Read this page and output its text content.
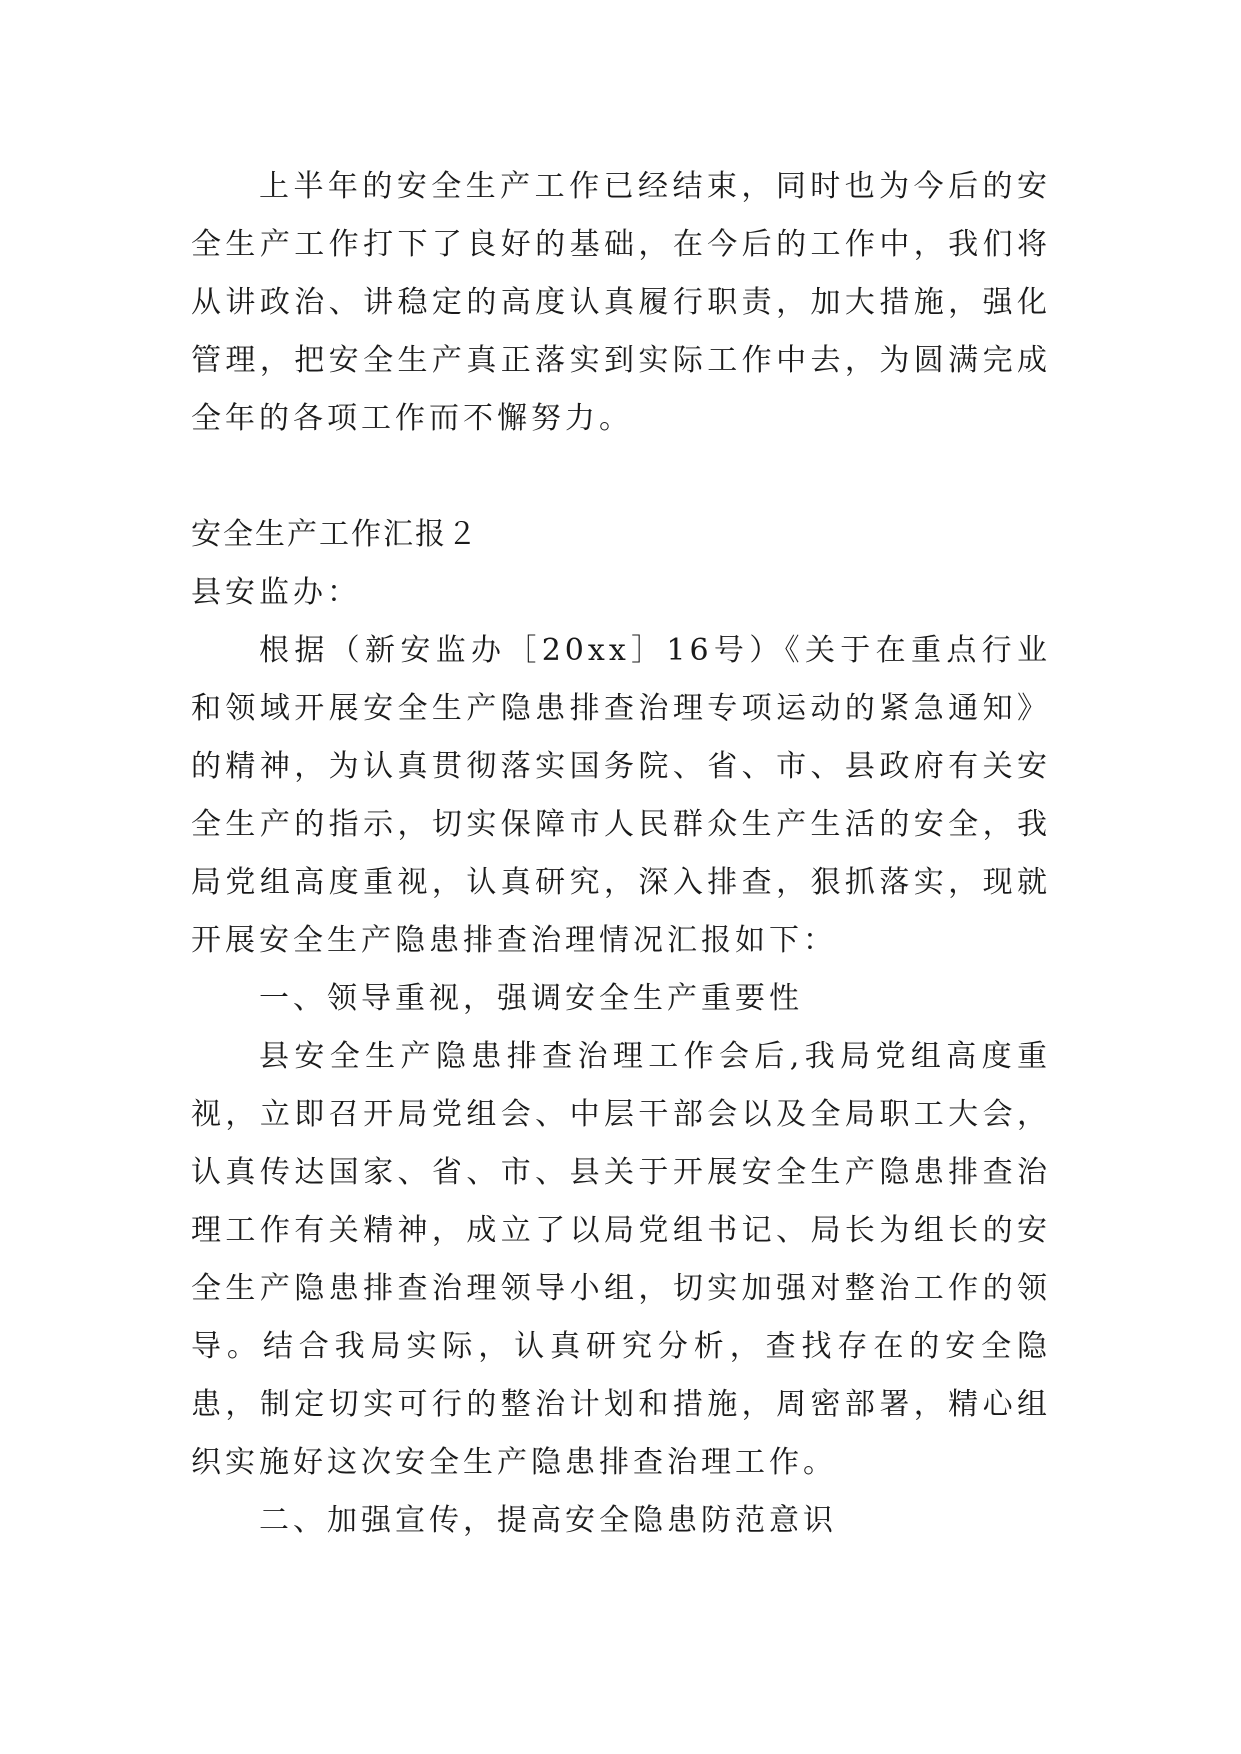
上半年的安全生产工作已经结束，同时也为今后的安全生产工作打下了良好的基础，在今后的工作中，我们将从讲政治、讲稳定的高度认真履行职责，加大措施，强化管理，把安全生产真正落实到实际工作中去，为圆满完成全年的各项工作而不懈努力。

安全生产工作汇报２

县安监办：

根据（新安监办［20xx］16号）《关于在重点行业和领域开展安全生产隐患排查治理专项运动的紧急通知》的精神，为认真贯彻落实国务院、省、市、县政府有关安全生产的指示，切实保障市人民群众生产生活的安全，我局党组高度重视，认真研究，深入排查，狠抓落实，现就开展安全生产隐患排查治理情况汇报如下：

一、领导重视，强调安全生产重要性

县安全生产隐患排查治理工作会后,我局党组高度重视，立即召开局党组会、中层干部会以及全局职工大会，认真传达国家、省、市、县关于开展安全生产隐患排查治理工作有关精神，成立了以局党组书记、局长为组长的安全生产隐患排查治理领导小组，切实加强对整治工作的领导。结合我局实际，认真研究分析，查找存在的安全隐患，制定切实可行的整治计划和措施，周密部署，精心组织实施好这次安全生产隐患排查治理工作。

二、加强宣传，提高安全隐患防范意识
